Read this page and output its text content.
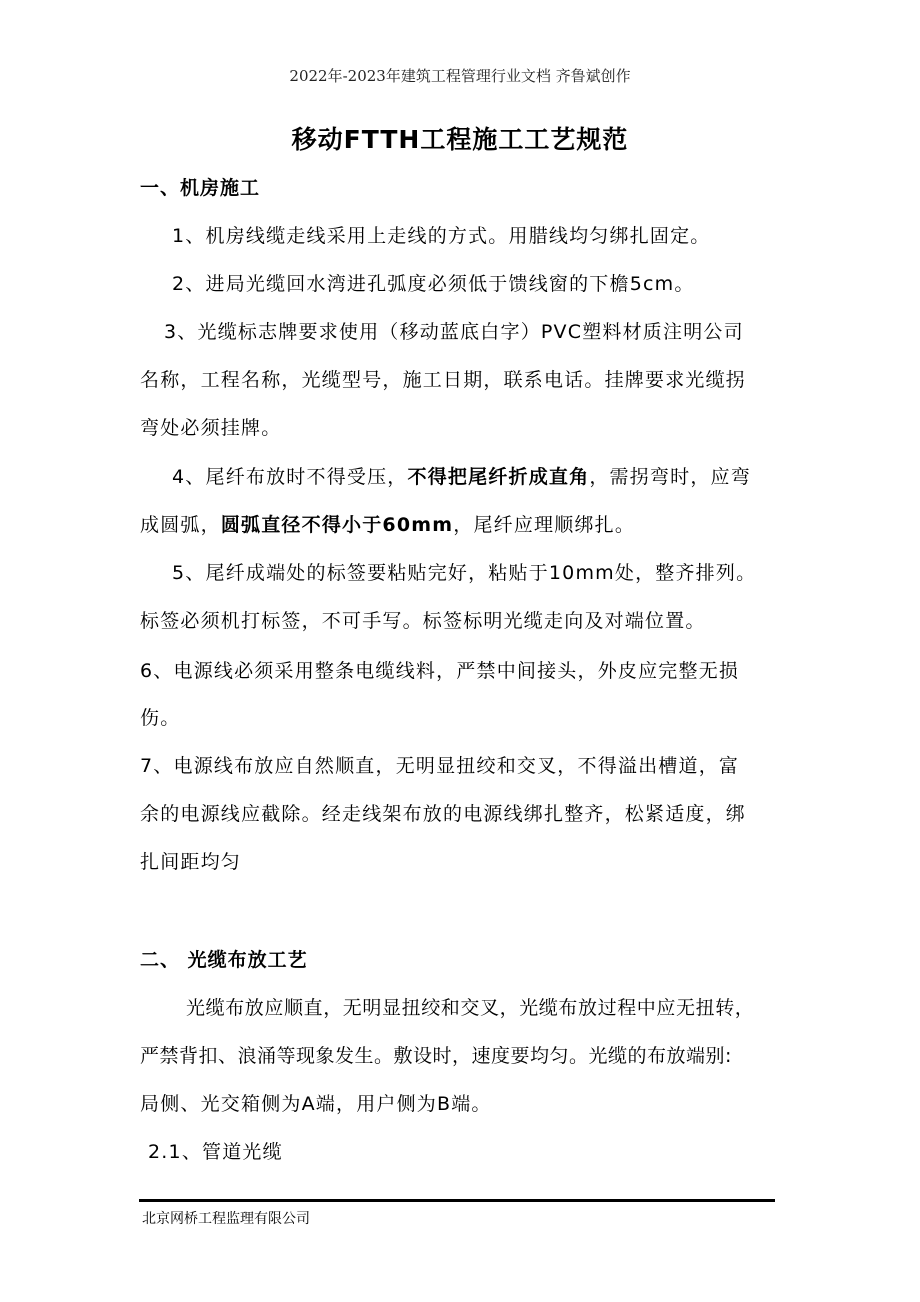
2022年-2023年建筑工程管理行业文档 齐鲁斌创作
移动FTTH工程施工工艺规范
一、机房施工
1、机房线缆走线采用上走线的方式。用腊线均匀绑扎固定。
2、进局光缆回水湾进孔弧度必须低于馈线窗的下檐5cm。
3、光缆标志牌要求使用（移动蓝底白字）PVC塑料材质注明公司
名称，工程名称，光缆型号，施工日期，联系电话。挂牌要求光缆拐
弯处必须挂牌。
4、尾纤布放时不得受压，不得把尾纤折成直角，需拐弯时，应弯
成圆弧，圆弧直径不得小于60mm，尾纤应理顺绑扎。
5、尾纤成端处的标签要粘贴完好，粘贴于10mm处，整齐排列。
标签必须机打标签，不可手写。标签标明光缆走向及对端位置。
6、电源线必须采用整条电缆线料，严禁中间接头，外皮应完整无损
伤。
7、电源线布放应自然顺直，无明显扭绞和交叉，不得溢出槽道，富
余的电源线应截除。经走线架布放的电源线绑扎整齐，松紧适度，绑
扎间距均匀
二、 光缆布放工艺
光缆布放应顺直，无明显扭绞和交叉，光缆布放过程中应无扭转，
严禁背扣、浪涌等现象发生。敷设时，速度要均匀。光缆的布放端别:
局侧、光交箱侧为A端，用户侧为B端。
2.1、管道光缆
北京网桥工程监理有限公司
